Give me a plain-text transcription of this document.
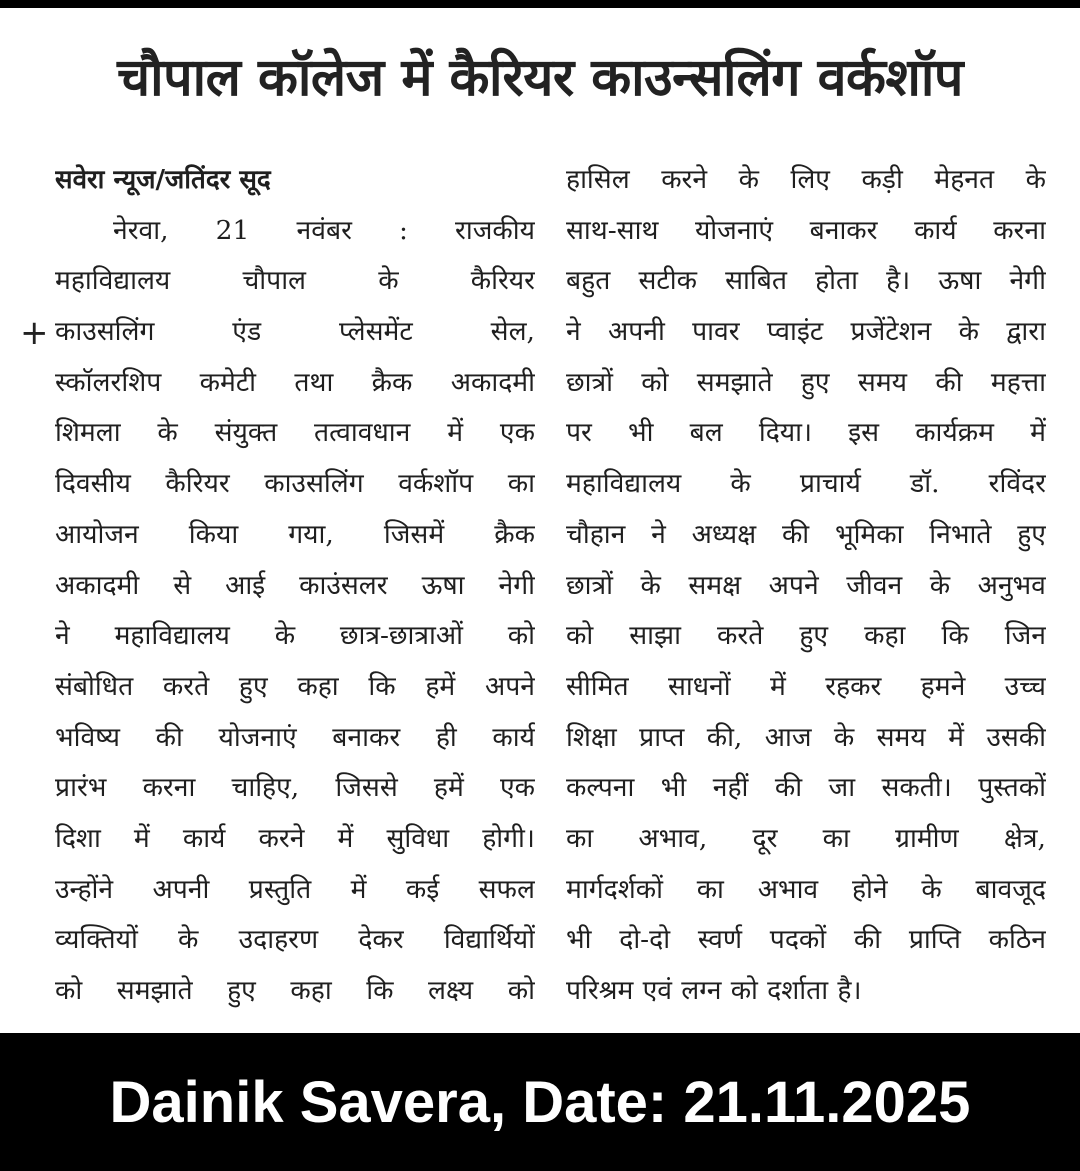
चौपाल कॉलेज में कैरियर काउन्सलिंग वर्कशॉप
+
सवेरा न्यूज/जतिंदर सूद
नेरवा, 21 नवंबर : राजकीय
महाविद्यालय	चौपाल	के	कैरियर
काउसलिंग	एंड	प्लेसमेंट	सेल,
स्कॉलरशिप कमेटी तथा क्रैक अकादमी
शिमला के संयुक्त तत्वावधान में एक
दिवसीय कैरियर काउसलिंग वर्कशॉप का
आयोजन किया गया, जिसमें क्रैक
अकादमी से आई काउंसलर ऊषा नेगी
ने महाविद्यालय के छात्र-छात्राओं को
संबोधित करते हुए कहा कि हमें अपने
भविष्य की योजनाएं बनाकर ही कार्य
प्रारंभ करना चाहिए, जिससे हमें एक
दिशा में कार्य करने में सुविधा होगी।
उन्होंने अपनी प्रस्तुति में कई सफल
व्यक्तियों के उदाहरण देकर विद्यार्थियों
को समझाते हुए कहा कि लक्ष्य को
हासिल करने के लिए कड़ी मेहनत के
साथ-साथ योजनाएं बनाकर कार्य करना
बहुत सटीक साबित होता है। ऊषा नेगी
ने अपनी पावर प्वाइंट प्रजेंटेशन के द्वारा
छात्रों को समझाते हुए समय की महत्ता
पर भी बल दिया। इस कार्यक्रम में
महाविद्यालय के प्राचार्य डॉ. रविंदर
चौहान ने अध्यक्ष की भूमिका निभाते हुए
छात्रों के समक्ष अपने जीवन के अनुभव
को साझा करते हुए कहा कि जिन
सीमित साधनों में रहकर हमने उच्च
शिक्षा प्राप्त की, आज के समय में उसकी
कल्पना भी नहीं की जा सकती। पुस्तकों
का अभाव, दूर का ग्रामीण क्षेत्र,
मार्गदर्शकों का अभाव होने के बावजूद
भी दो-दो स्वर्ण पदकों की प्राप्ति कठिन
परिश्रम एवं लग्न को दर्शाता है।
Dainik Savera, Date: 21.11.2025
